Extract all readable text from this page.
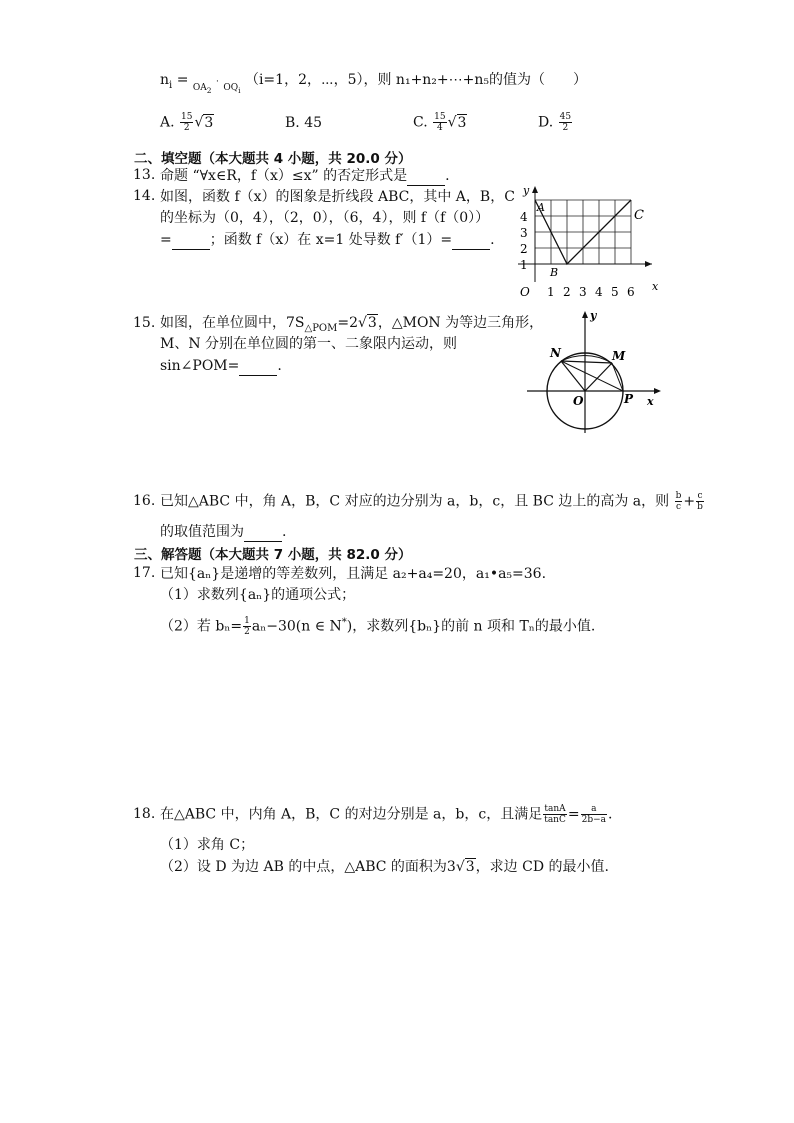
$n_i = _{OA_2} \cdot _{OQ_i}$ （i=1，2，⋯，5），则 n₁+n₂+⋯+n₅的值为（　　）
A. $\frac{15}{2} √3$	B. 45	C. $\frac{15}{4} √3$	D. $\frac{45}{2}$
二、填空题（本大题共 4 小题，共 20.0 分）
13. 命题 “∀x∈R，f（x）≤x” 的否定形式是	.
14. 如图，函数 f（x）的图象是折线段 ABC，其中 A，B，C
的坐标为（0，4），（2，0），（6，4），则 f（f（0））
=	；函数 f（x）在 x=1 处导数 f′（1）=	.
y
x
O
A
B
C
4
3
2
1
1 2 3 4 5 6
15. 如图，在单位圆中，$7S_{\triangle POM}=2√3$，△MON 为等边三角形，
M、N 分别在单位圆的第一、二象限内运动，则
sin∠POM=	.
y
x
O	P
M
N
16. 已知△ABC 中，角 A，B，C 对应的边分别为 a，b，c，且 BC 边上的高为 a，则 $\frac{b}{c} + \frac{c}{b}$
的取值范围为	.
三、解答题（本大题共 7 小题，共 82.0 分）
17. 已知{aₙ}是递增的等差数列，且满足 a₂+a₄=20，a₁•a₅=36.
（1）求数列{aₙ}的通项公式；
（2）若 $b_n= \frac{1}{2} a_n-30(n$ ∈ N*)，求数列{bₙ}的前 n 项和 Tₙ的最小值.
18. 在△ABC 中，内角 A，B，C 的对边分别是 a，b，c，且满足 $\frac{\tan A}{\tan C} = \frac{a}{2b-a}$ .
（1）求角 C；
（2）设 D 为边 AB 的中点，△ABC 的面积为3√3，求边 CD 的最小值.
